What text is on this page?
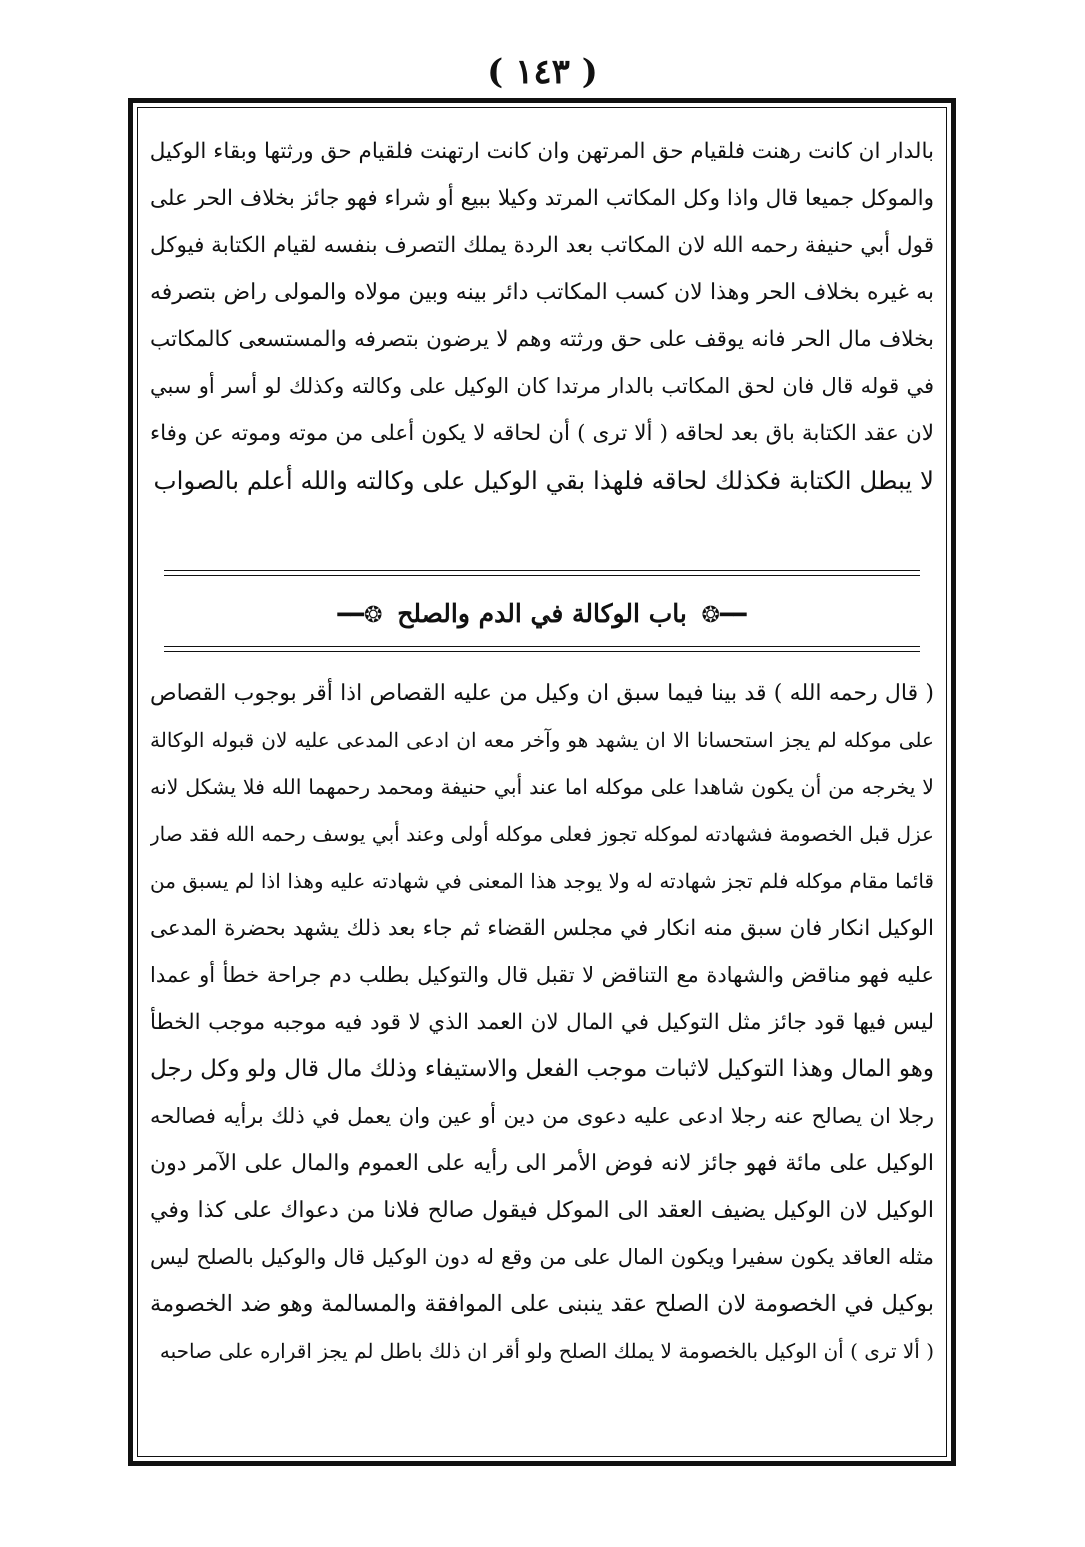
( ١٤٣ )
بالدار ان كانت رهنت فلقيام حق المرتهن وان كانت ارتهنت فلقيام حق ورثتها وبقاء الوكيل
والموكل جميعا قال واذا وكل المكاتب المرتد وكيلا ببيع أو شراء فهو جائز بخلاف الحر على
قول أبي حنيفة رحمه الله لان المكاتب بعد الردة يملك التصرف بنفسه لقيام الكتابة فيوكل
به غيره بخلاف الحر وهذا لان كسب المكاتب دائر بينه وبين مولاه والمولى راض بتصرفه
بخلاف مال الحر فانه يوقف على حق ورثته وهم لا يرضون بتصرفه والمستسعى كالمكاتب
في قوله قال فان لحق المكاتب بالدار مرتدا كان الوكيل على وكالته وكذلك لو أسر أو سبي
لان عقد الكتابة باق بعد لحاقه ( ألا ترى ) أن لحاقه لا يكون أعلى من موته وموته عن وفاء
لا يبطل الكتابة فكذلك لحاقه فلهذا بقي الوكيل على وكالته والله أعلم بالصواب
━━❂ باب الوكالة في الدم والصلح ❂━━
( قال رحمه الله ) قد بينا فيما سبق ان وكيل من عليه القصاص اذا أقر بوجوب القصاص
على موكله لم يجز استحسانا الا ان يشهد هو وآخر معه ان ادعى المدعى عليه لان قبوله الوكالة
لا يخرجه من أن يكون شاهدا على موكله اما عند أبي حنيفة ومحمد رحمهما الله فلا يشكل لانه
عزل قبل الخصومة فشهادته لموكله تجوز فعلى موكله أولى وعند أبي يوسف رحمه الله فقد صار
قائما مقام موكله فلم تجز شهادته له ولا يوجد هذا المعنى في شهادته عليه وهذا اذا لم يسبق من
الوكيل انكار فان سبق منه انكار في مجلس القضاء ثم جاء بعد ذلك يشهد بحضرة المدعى
عليه فهو مناقض والشهادة مع التناقض لا تقبل قال والتوكيل بطلب دم جراحة خطأ أو عمدا
ليس فيها قود جائز مثل التوكيل في المال لان العمد الذي لا قود فيه موجبه موجب الخطأ
وهو المال وهذا التوكيل لاثبات موجب الفعل والاستيفاء وذلك مال قال ولو وكل رجل
رجلا ان يصالح عنه رجلا ادعى عليه دعوى من دين أو عين وان يعمل في ذلك برأيه فصالحه
الوكيل على مائة فهو جائز لانه فوض الأمر الى رأيه على العموم والمال على الآمر دون
الوكيل لان الوكيل يضيف العقد الى الموكل فيقول صالح فلانا من دعواك على كذا وفي
مثله العاقد يكون سفيرا ويكون المال على من وقع له دون الوكيل قال والوكيل بالصلح ليس
بوكيل في الخصومة لان الصلح عقد ينبنى على الموافقة والمسالمة وهو ضد الخصومة
( ألا ترى ) أن الوكيل بالخصومة لا يملك الصلح ولو أقر ان ذلك باطل لم يجز اقراره على صاحبه
